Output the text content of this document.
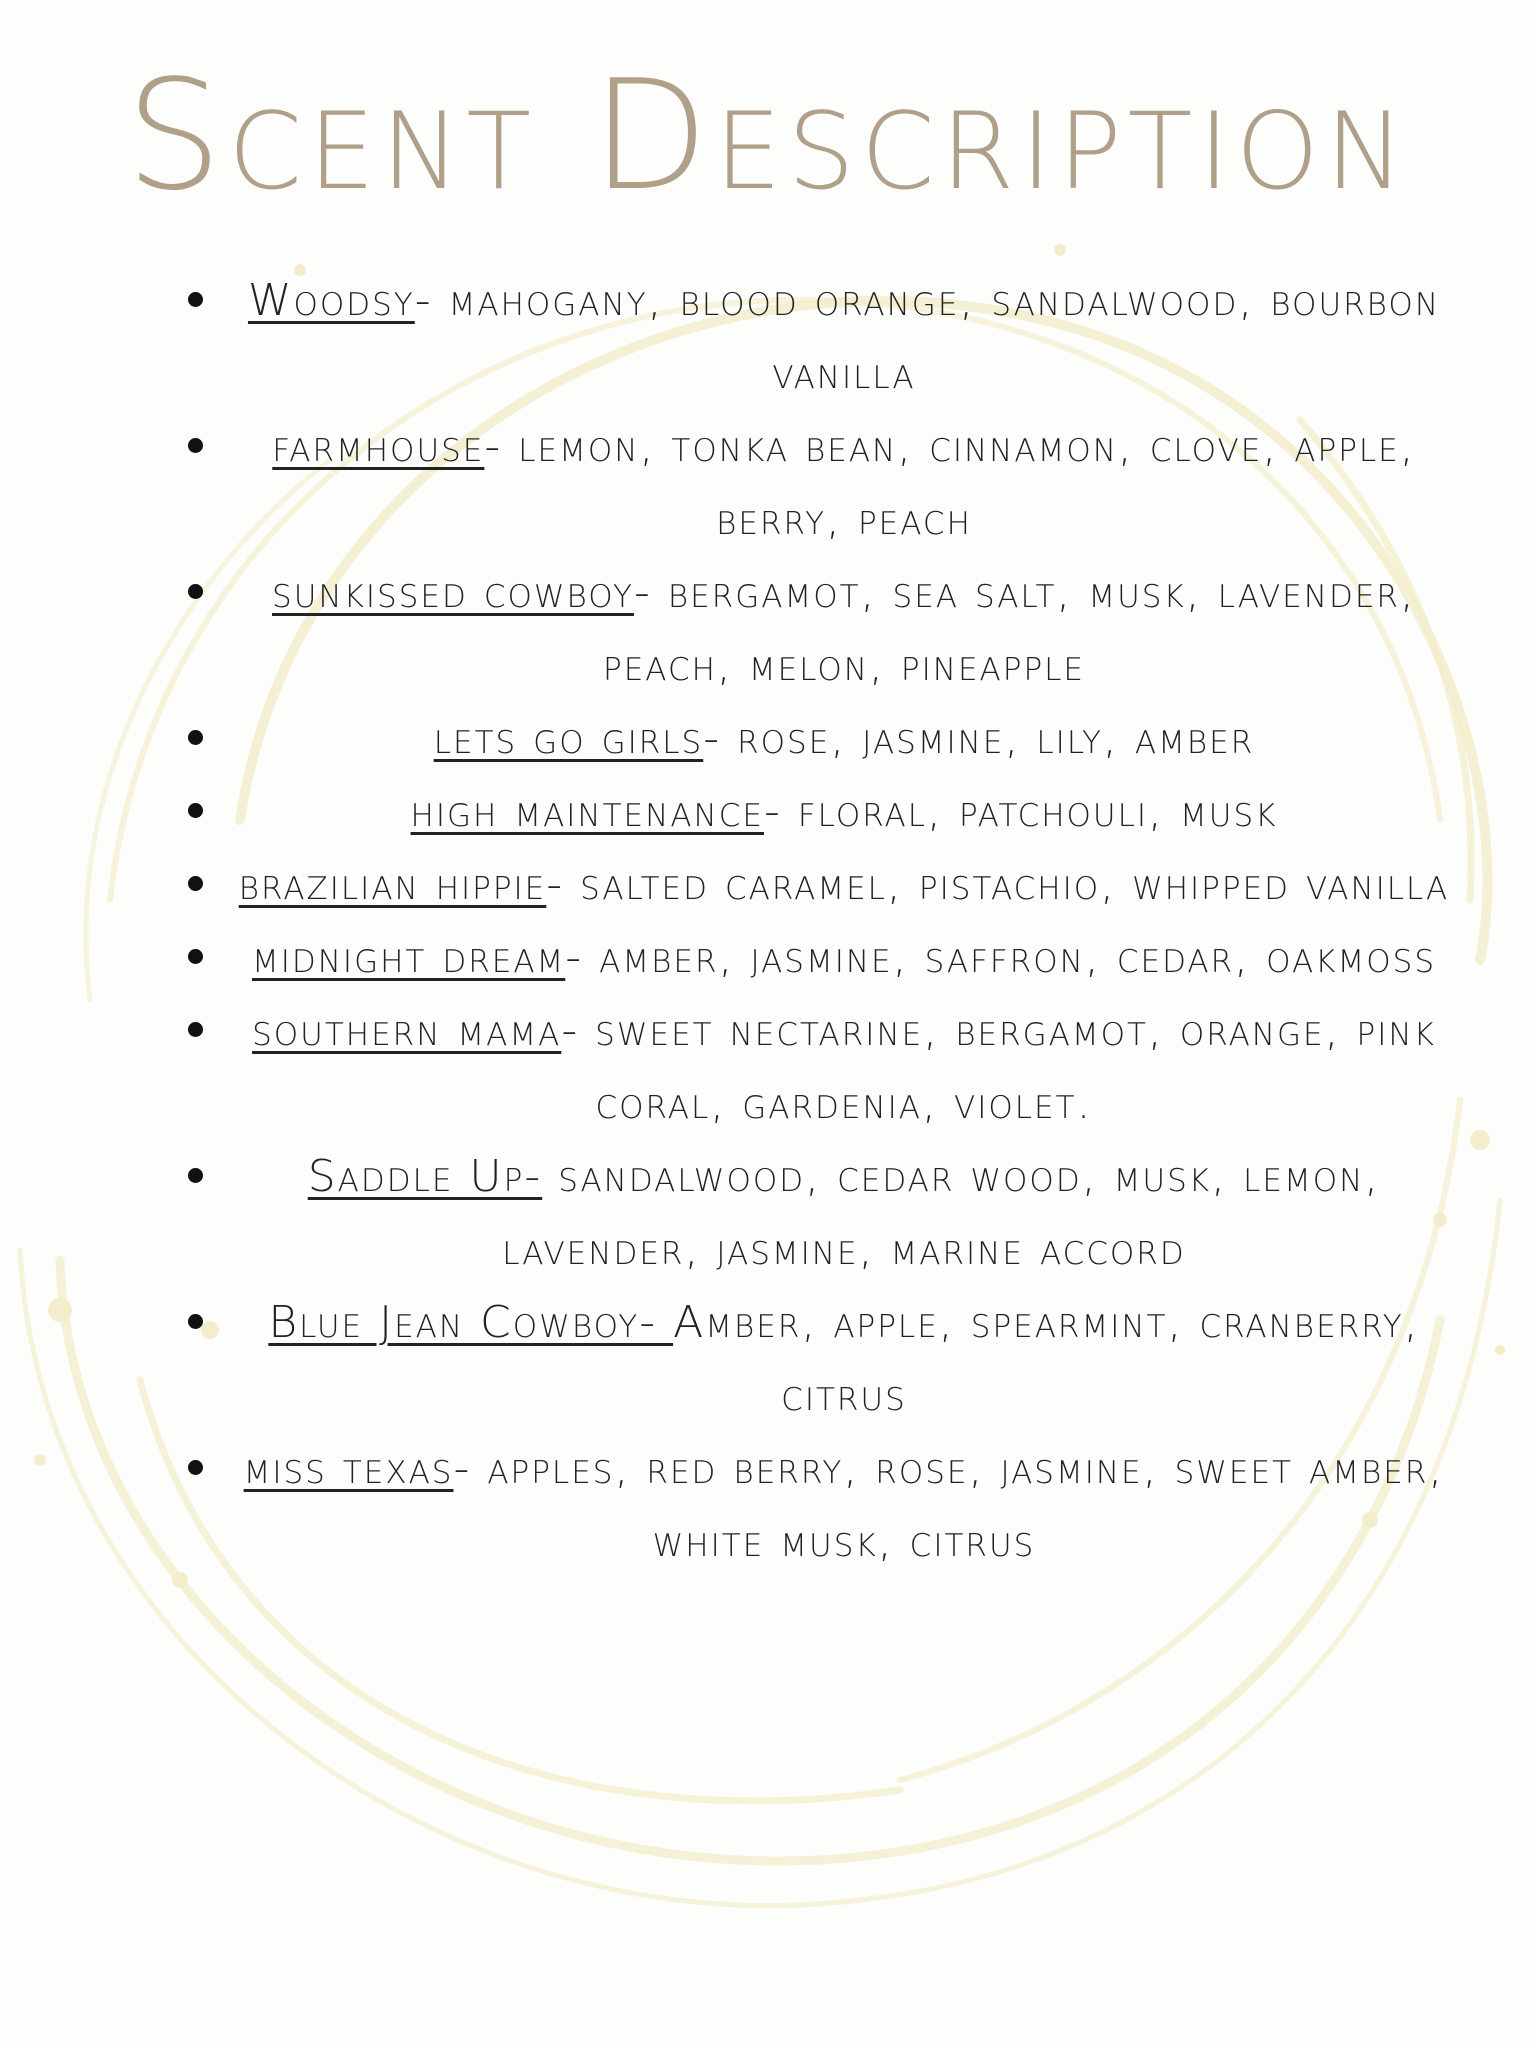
Scent Description
Woodsy- mahogany, blood orange, sandalwood, bourbon vanilla
farmhouse- lemon, tonka bean, cinnamon, clove, apple, berry, peach
sunkissed cowboy- bergamot, sea salt, musk, lavender, peach, melon, pineapple
lets go girls- rose, jasmine, lily, amber
high maintenance- floral, patchouli, musk
brazilian hippie- salted caramel, pistachio, whipped vanilla
midnight dream- amber, jasmine, saffron, cedar, oakmoss
southern mama- sweet nectarine, bergamot, orange, pink coral, gardenia, violet.
Saddle Up- sandalwood, cedar wood, musk, lemon, lavender, jasmine, marine accord
Blue Jean Cowboy- Amber, apple, spearmint, cranberry, citrus
miss texas- apples, red berry, rose, jasmine, sweet amber, white musk, citrus
